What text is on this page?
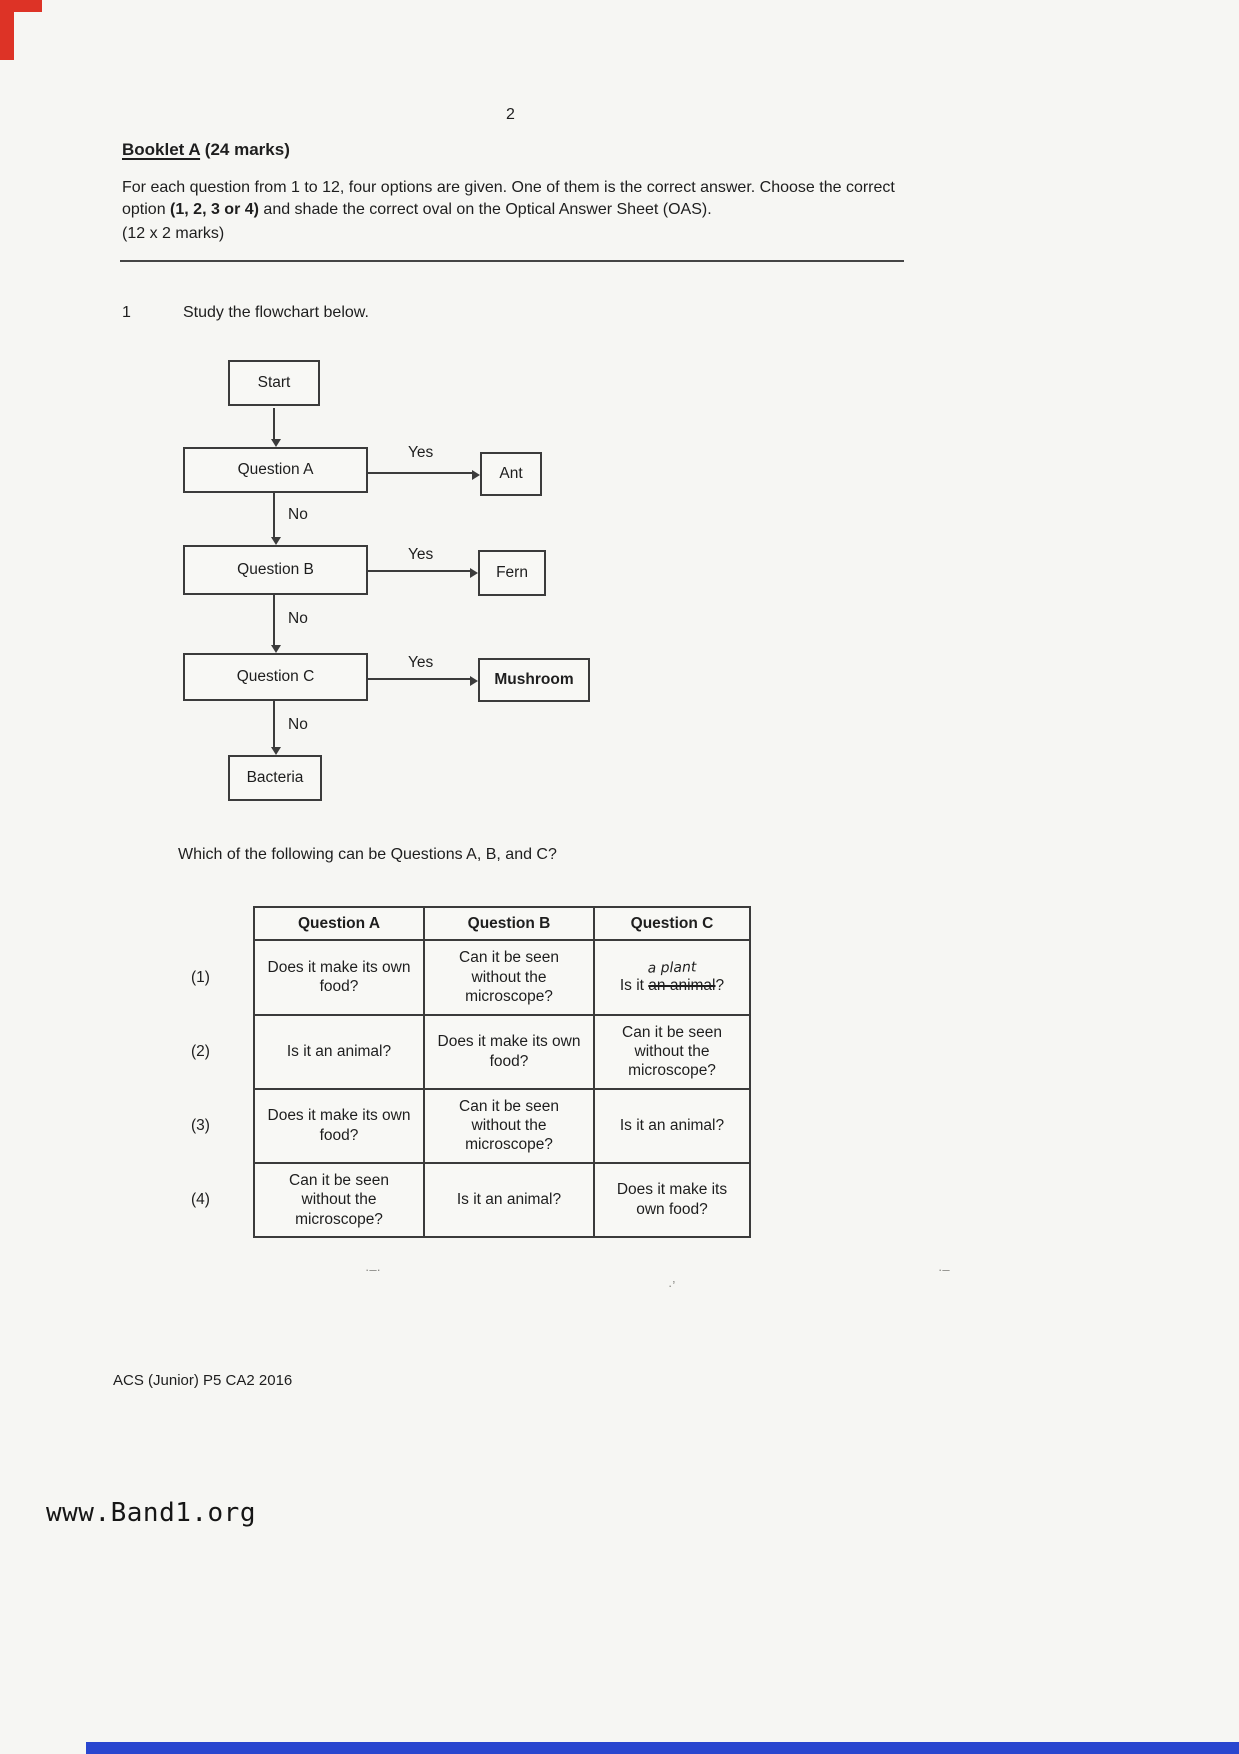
2
Booklet A (24 marks)
For each question from 1 to 12, four options are given. One of them is the correct answer. Choose the correct option (1, 2, 3 or 4) and shade the correct oval on the Optical Answer Sheet (OAS).
(12 x 2 marks)
1	Study the flowchart below.
Start
Question A
Yes
Ant
No
Question B
Yes
Fern
No
Question C
Yes
Mushroom
No
Bacteria
Which of the following can be Questions A, B, and C?
	Question A	Question B	Question C
(1)	Does it make its own food?	Can it be seen without the microscope?	a plant
Is it an animal?
(2)	Is it an animal?	Does it make its own food?	Can it be seen without the microscope?
(3)	Does it make its own food?	Can it be seen without the microscope?	Is it an animal?
(4)	Can it be seen without the microscope?	Is it an animal?	Does it make its own food?
·–·
·’
·–
ACS (Junior) P5 CA2 2016
www.Band1.org
